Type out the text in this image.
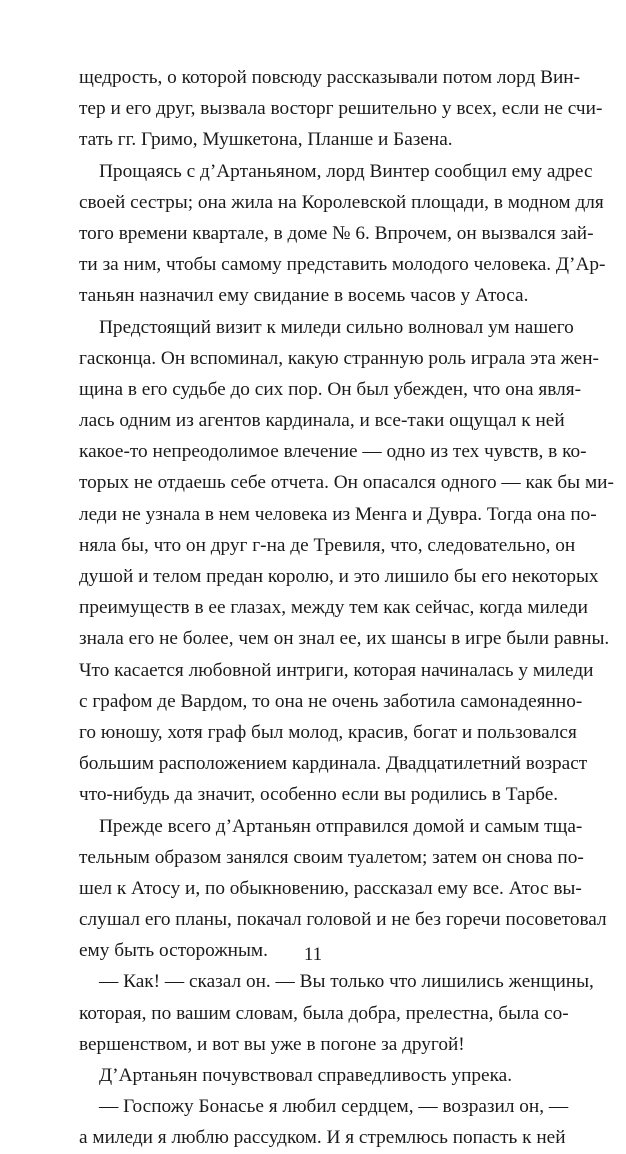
щедрость, о которой повсюду рассказывали потом лорд Вин-
тер и его друг, вызвала восторг решительно у всех, если не счи-
тать гг. Гримо, Мушкетона, Планше и Базена.
Прощаясь с д’Артаньяном, лорд Винтер сообщил ему адрес
своей сестры; она жила на Королевской площади, в модном для
того времени квартале, в доме № 6. Впрочем, он вызвался зай-
ти за ним, чтобы самому представить молодого человека. Д’Ар-
таньян назначил ему свидание в восемь часов у Атоса.
Предстоящий визит к миледи сильно волновал ум нашего
гасконца. Он вспоминал, какую странную роль играла эта жен-
щина в его судьбе до сих пор. Он был убежден, что она явля-
лась одним из агентов кардинала, и все-таки ощущал к ней
какое-то непреодолимое влечение — одно из тех чувств, в ко-
торых не отдаешь себе отчета. Он опасался одного — как бы ми-
леди не узнала в нем человека из Менга и Дувра. Тогда она по-
няла бы, что он друг г-на де Тревиля, что, следовательно, он
душой и телом предан королю, и это лишило бы его некоторых
преимуществ в ее глазах, между тем как сейчас, когда миледи
знала его не более, чем он знал ее, их шансы в игре были равны.
Что касается любовной интриги, которая начиналась у миледи
с графом де Вардом, то она не очень заботила самонадеянно-
го юношу, хотя граф был молод, красив, богат и пользовался
большим расположением кардинала. Двадцатилетний возраст
что-нибудь да значит, особенно если вы родились в Тарбе.
Прежде всего д’Артаньян отправился домой и самым тща-
тельным образом занялся своим туалетом; затем он снова по-
шел к Атосу и, по обыкновению, рассказал ему все. Атос вы-
слушал его планы, покачал головой и не без горечи посоветовал
ему быть осторожным.
— Как! — сказал он. — Вы только что лишились женщины,
которая, по вашим словам, была добра, прелестна, была со-
вершенством, и вот вы уже в погоне за другой!
Д’Артаньян почувствовал справедливость упрека.
— Госпожу Бонасье я любил сердцем, — возразил он, —
а миледи я люблю рассудком. И я стремлюсь попасть к ней
11
